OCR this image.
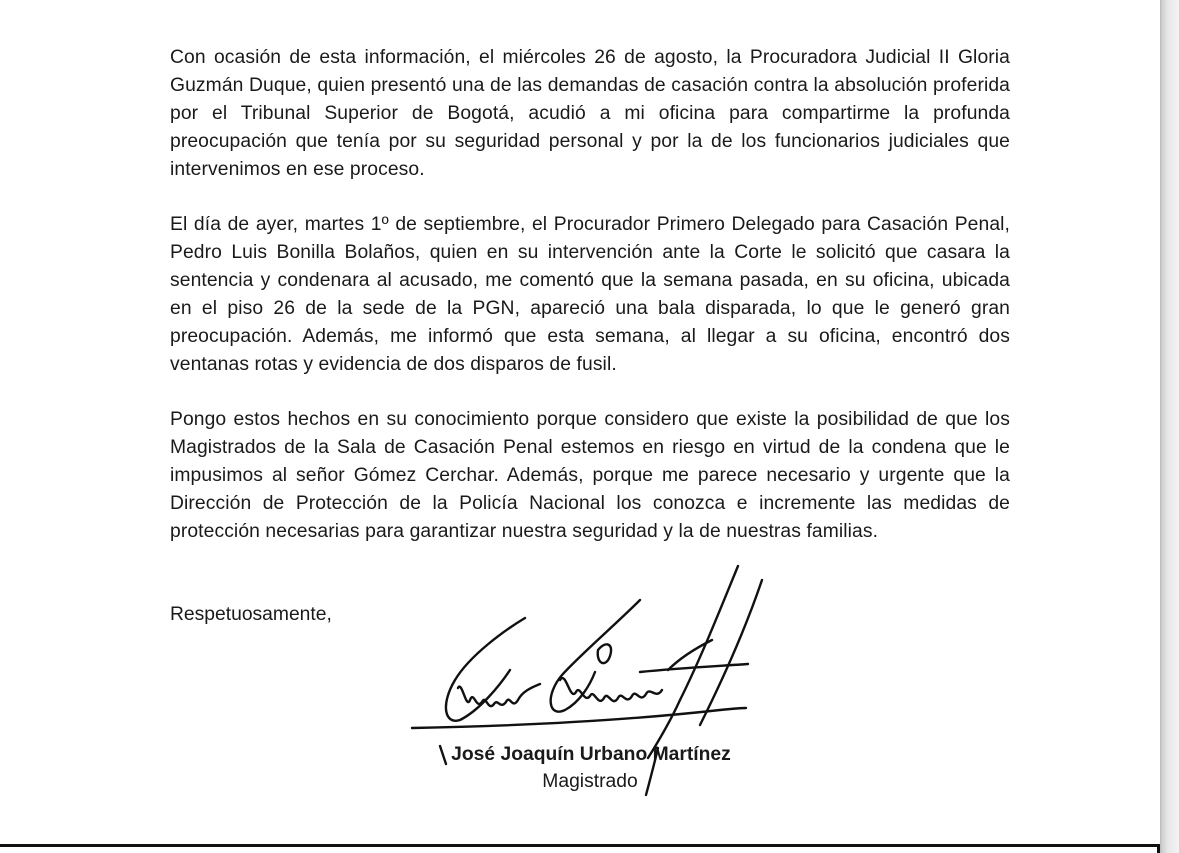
Con ocasión de esta información, el miércoles 26 de agosto, la Procuradora Judicial II Gloria Guzmán Duque, quien presentó una de las demandas de casación contra la absolución proferida por el Tribunal Superior de Bogotá, acudió a mi oficina para compartirme la profunda preocupación que tenía por su seguridad personal y por la de los funcionarios judiciales que intervenimos en ese proceso.

El día de ayer, martes 1º de septiembre, el Procurador Primero Delegado para Casación Penal, Pedro Luis Bonilla Bolaños, quien en su intervención ante la Corte le solicitó que casara la sentencia y condenara al acusado, me comentó que la semana pasada, en su oficina, ubicada en el piso 26 de la sede de la PGN, apareció una bala disparada, lo que le generó gran preocupación. Además, me informó que esta semana, al llegar a su oficina, encontró dos ventanas rotas y evidencia de dos disparos de fusil.

Pongo estos hechos en su conocimiento porque considero que existe la posibilidad de que los Magistrados de la Sala de Casación Penal estemos en riesgo en virtud de la condena que le impusimos al señor Gómez Cerchar. Además, porque me parece necesario y urgente que la Dirección de Protección de la Policía Nacional los conozca e incremente las medidas de protección necesarias para garantizar nuestra seguridad y la de nuestras familias.

Respetuosamente,

José Joaquín Urbano Martínez

Magistrado
